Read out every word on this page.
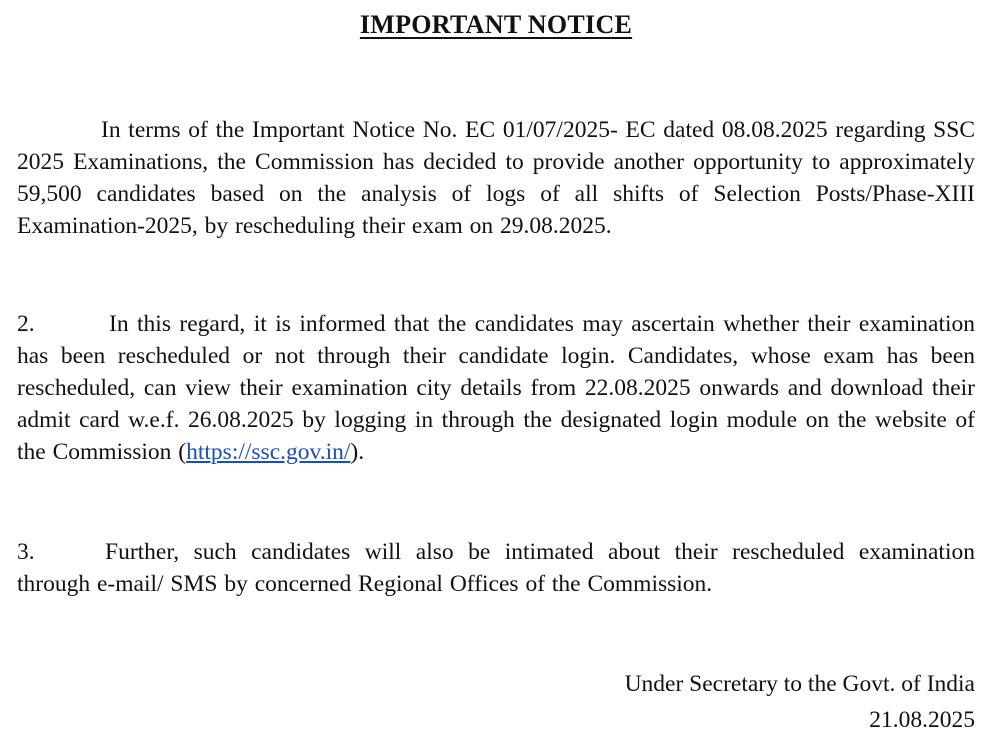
IMPORTANT NOTICE
In terms of the Important Notice No. EC 01/07/2025- EC dated 08.08.2025 regarding SSC 2025 Examinations, the Commission has decided to provide another opportunity to approximately 59,500 candidates based on the analysis of logs of all shifts of Selection Posts/Phase-XIII Examination-2025, by rescheduling their exam on 29.08.2025.
2.	In this regard, it is informed that the candidates may ascertain whether their examination has been rescheduled or not through their candidate login. Candidates, whose exam has been rescheduled, can view their examination city details from 22.08.2025 onwards and download their admit card w.e.f. 26.08.2025 by logging in through the designated login module on the website of the Commission (https://ssc.gov.in/).
3.	Further, such candidates will also be intimated about their rescheduled examination through e-mail/ SMS by concerned Regional Offices of the Commission.
Under Secretary to the Govt. of India
21.08.2025
